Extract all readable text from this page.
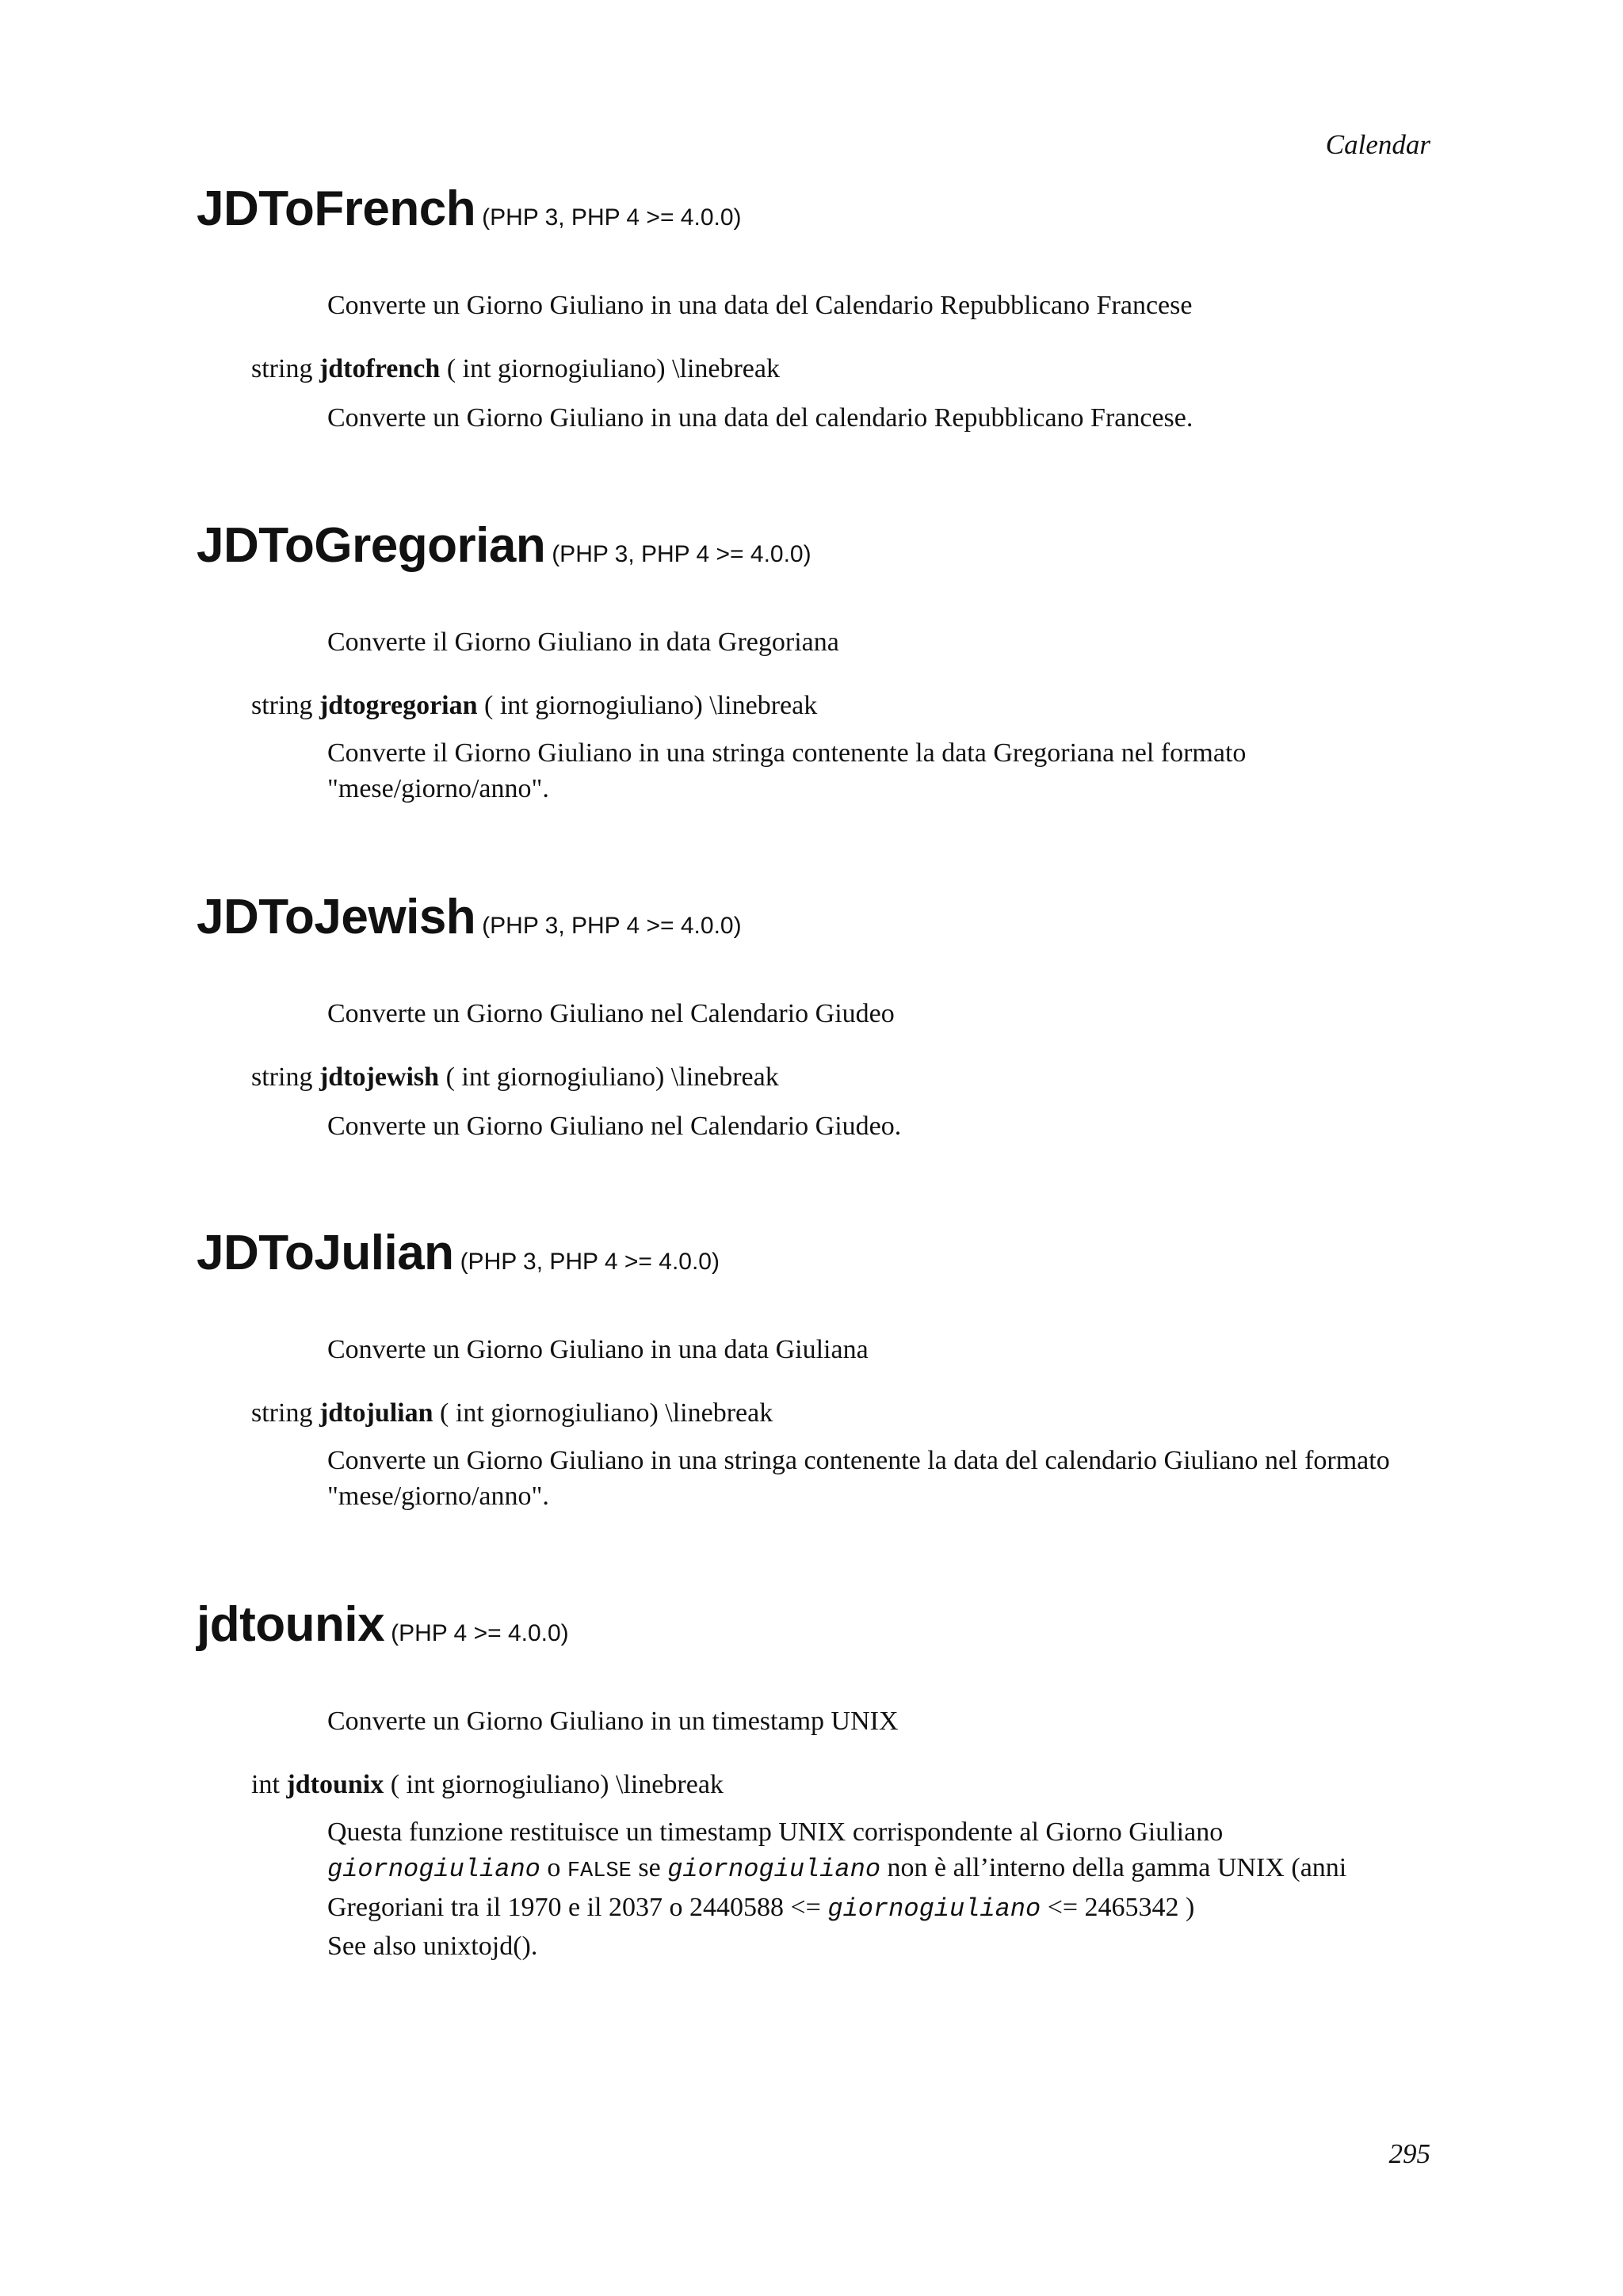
Calendar
JDToFrench (PHP 3, PHP 4 >= 4.0.0)
Converte un Giorno Giuliano in una data del Calendario Repubblicano Francese
string jdtofrench ( int giornogiuliano) \linebreak
Converte un Giorno Giuliano in una data del calendario Repubblicano Francese.
JDToGregorian (PHP 3, PHP 4 >= 4.0.0)
Converte il Giorno Giuliano in data Gregoriana
string jdtogregorian ( int giornogiuliano) \linebreak
Converte il Giorno Giuliano in una stringa contenente la data Gregoriana nel formato "mese/giorno/anno".
JDToJewish (PHP 3, PHP 4 >= 4.0.0)
Converte un Giorno Giuliano nel Calendario Giudeo
string jdtojewish ( int giornogiuliano) \linebreak
Converte un Giorno Giuliano nel Calendario Giudeo.
JDToJulian (PHP 3, PHP 4 >= 4.0.0)
Converte un Giorno Giuliano in una data Giuliana
string jdtojulian ( int giornogiuliano) \linebreak
Converte un Giorno Giuliano in una stringa contenente la data del calendario Giuliano nel formato "mese/giorno/anno".
jdtounix (PHP 4 >= 4.0.0)
Converte un Giorno Giuliano in un timestamp UNIX
int jdtounix ( int giornogiuliano) \linebreak
Questa funzione restituisce un timestamp UNIX corrispondente al Giorno Giuliano
giornogiuliano o FALSE se giornogiuliano non è all’interno della gamma UNIX (anni Gregoriani tra il 1970 e il 2037 o 2440588 <= giornogiuliano <= 2465342 )
See also unixtojd().
295
